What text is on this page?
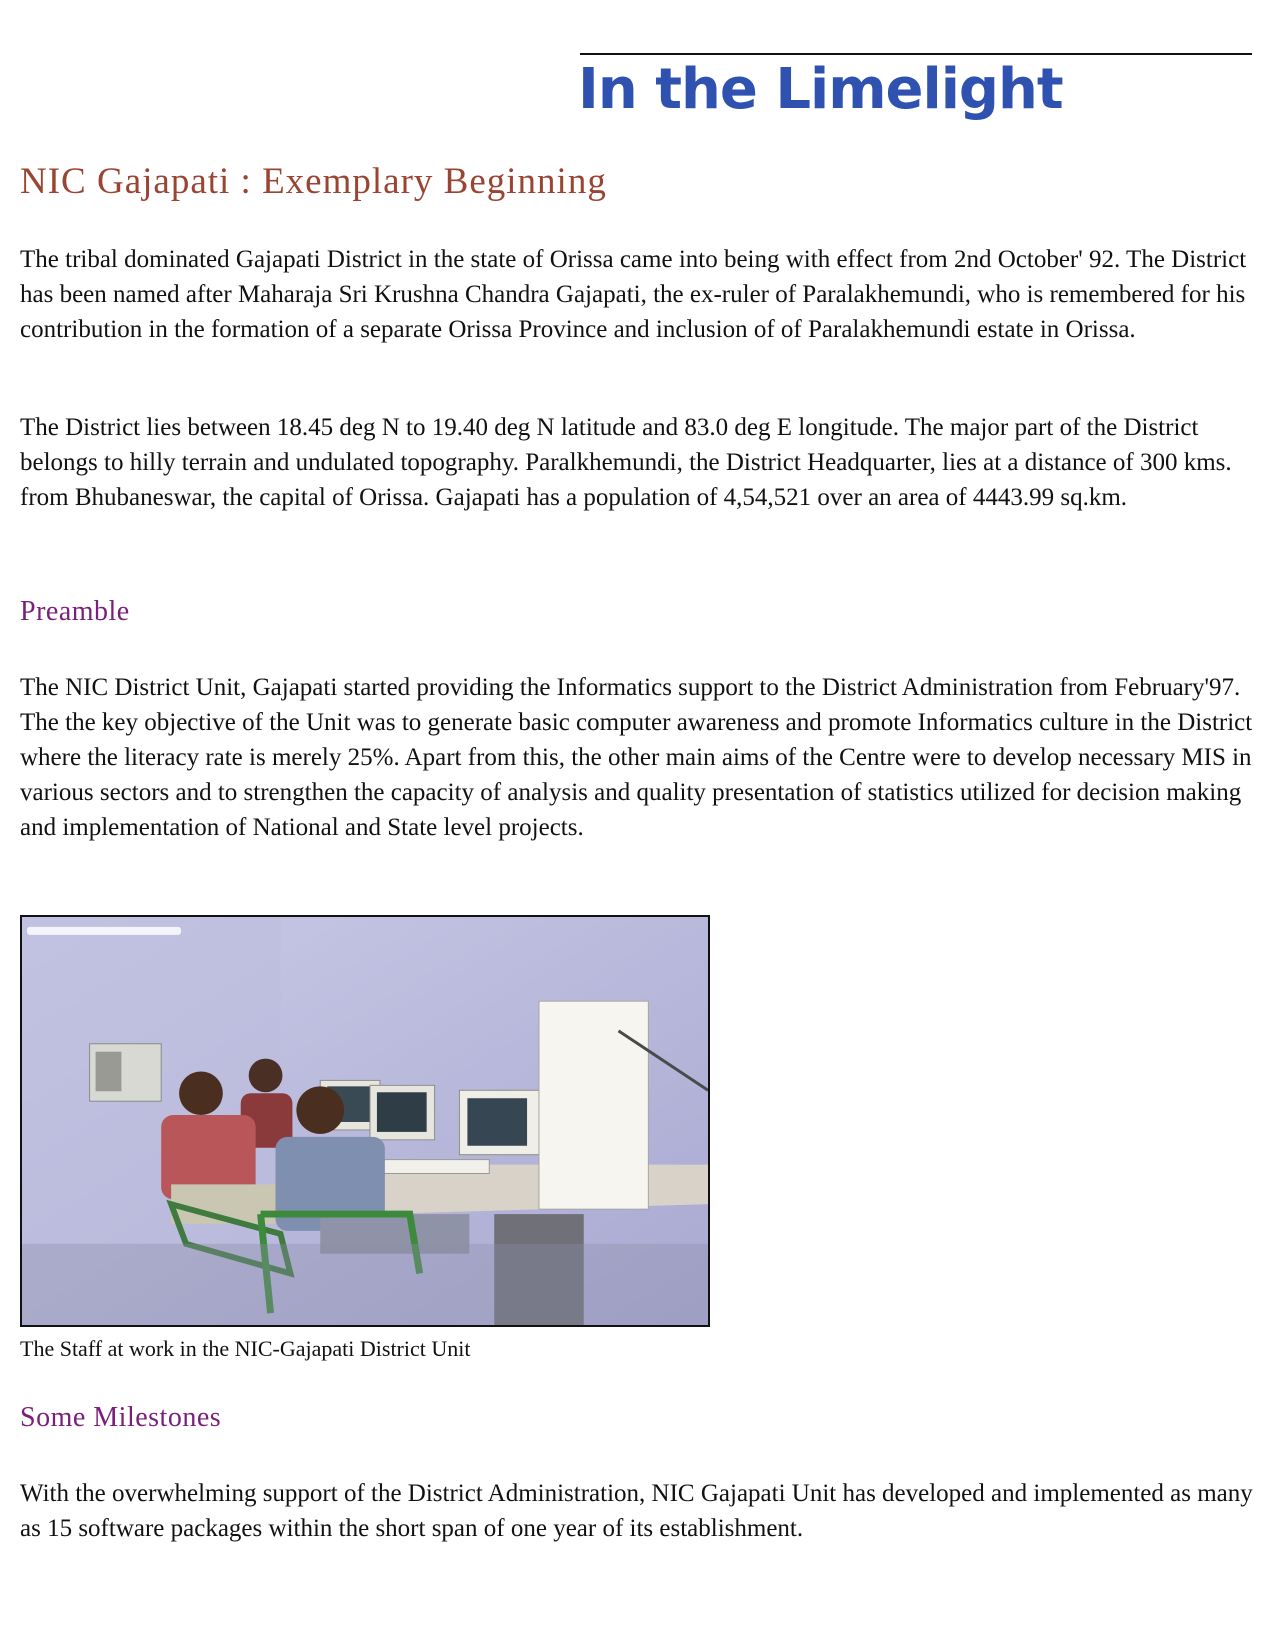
In the Limelight
NIC Gajapati : Exemplary Beginning

The tribal dominated Gajapati District in the state of Orissa came into being with effect from 2nd October' 92. The District has been named after Maharaja Sri Krushna Chandra Gajapati, the ex-ruler of Paralakhemundi, who is remembered for his contribution in the formation of a separate Orissa Province and inclusion of of Paralakhemundi estate in Orissa.

The District lies between 18.45 deg N to 19.40 deg N latitude and 83.0 deg E longitude. The major part of the District belongs to hilly terrain and undulated topography. Paralkhemundi, the District Headquarter, lies at a distance of 300 kms. from Bhubaneswar, the capital of Orissa. Gajapati has a population of 4,54,521 over an area of 4443.99 sq.km.

Preamble

The NIC District Unit, Gajapati started providing the Informatics support to the District Administration from February'97. The the key objective of the Unit was to generate basic computer awareness and promote Informatics culture in the District where the literacy rate is merely 25%. Apart from this, the other main aims of the Centre were to develop necessary MIS in various sectors and to strengthen the capacity of analysis and quality presentation of statistics utilized for decision making and implementation of National and State level projects.

The Staff at work in the NIC-Gajapati District Unit
Some Milestones

With the overwhelming support of the District Administration, NIC Gajapati Unit has developed and implemented as many as 15 software packages within the short span of one year of its establishment.
